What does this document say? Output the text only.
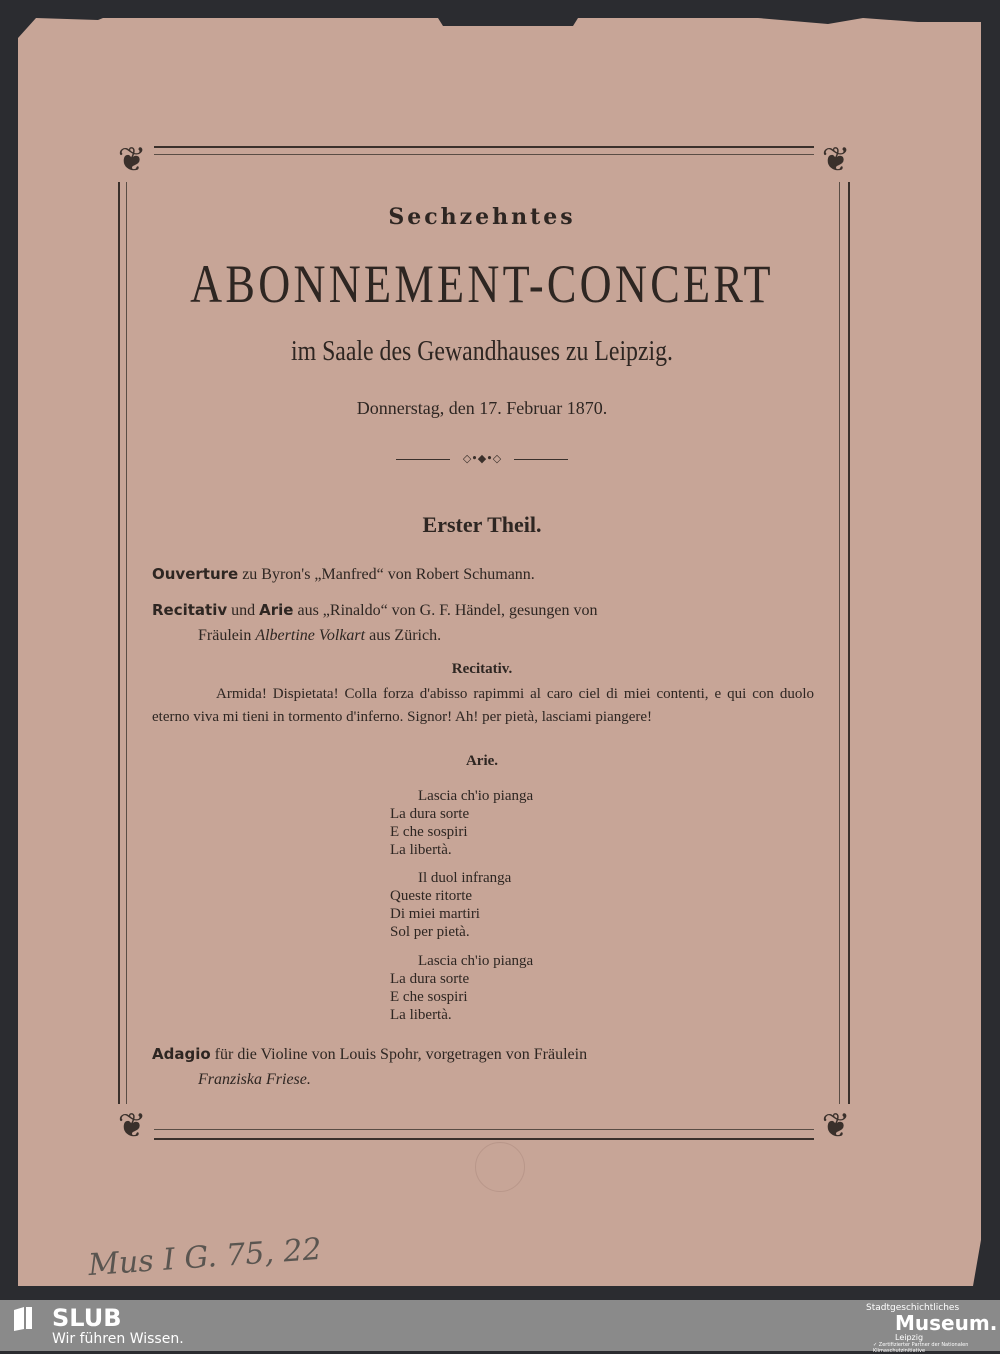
❦	❦
❦	❦
Sechzehntes
ABONNEMENT-CONCERT
im Saale des Gewandhauses zu Leipzig.
Donnerstag, den 17. Februar 1870.
◇•◆•◇
Erster Theil.
Ouverture zu Byron's „Manfred“ von Robert Schumann.
Recitativ und Arie aus „Rinaldo“ von G. F. Händel, gesungen von
Fräulein Albertine Volkart aus Zürich.
Recitativ.
Armida! Dispietata! Colla forza d'abisso rapimmi al caro ciel di miei contenti, e qui con duolo eterno viva mi tieni in tormento d'inferno. Signor! Ah! per pietà, lasciami piangere!
Arie.
Lascia ch'io pianga
La dura sorte
E che sospiri
La libertà.
Il duol infranga
Queste ritorte
Di miei martiri
Sol per pietà.
Lascia ch'io pianga
La dura sorte
E che sospiri
La libertà.
Adagio für die Violine von Louis Spohr, vorgetragen von Fräulein
Franziska Friese.
Mus I G. 75, 22
SLUB
Wir führen Wissen.
Stadtgeschichtliches
Museum.
Leipzig
✓ Zertifizierter Partner der Nationalen Klimaschutzinitiative
